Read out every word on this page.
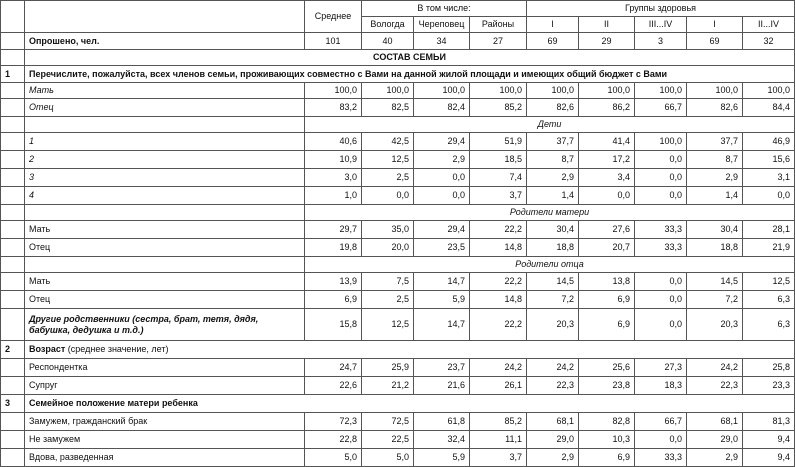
		Среднее	В том числе:			Группы здоровья				
			Вологда	Череповец	Районы	I	II	III...IV	I	II...IV
	Опрошено, чел.	101	40	34	27	69	29	3	69	32
	СОСТАВ СЕМЬИ									
1	Перечислите, пожалуйста, всех членов семьи, проживающих совместно с Вами на данной жилой площади и имеющих общий бюджет с Вами									
	Мать	100,0	100,0	100,0	100,0	100,0	100,0	100,0	100,0	100,0
	Отец	83,2	82,5	82,4	85,2	82,6	86,2	66,7	82,6	84,4
		Дети								
	1	40,6	42,5	29,4	51,9	37,7	41,4	100,0	37,7	46,9
	2	10,9	12,5	2,9	18,5	8,7	17,2	0,0	8,7	15,6
	3	3,0	2,5	0,0	7,4	2,9	3,4	0,0	2,9	3,1
	4	1,0	0,0	0,0	3,7	1,4	0,0	0,0	1,4	0,0
		Родители матери								
	Мать	29,7	35,0	29,4	22,2	30,4	27,6	33,3	30,4	28,1
	Отец	19,8	20,0	23,5	14,8	18,8	20,7	33,3	18,8	21,9
		Родители отца								
	Мать	13,9	7,5	14,7	22,2	14,5	13,8	0,0	14,5	12,5
	Отец	6,9	2,5	5,9	14,8	7,2	6,9	0,0	7,2	6,3
	Другие родственники (сестра, брат, тетя, дядя, бабушка, дедушка и т.д.)	15,8	12,5	14,7	22,2	20,3	6,9	0,0	20,3	6,3
2	Возраст (среднее значение, лет)									
	Респондентка	24,7	25,9	23,7	24,2	24,2	25,6	27,3	24,2	25,8
	Супруг	22,6	21,2	21,6	26,1	22,3	23,8	18,3	22,3	23,3
3	Семейное положение матери ребенка									
	Замужем, гражданский брак	72,3	72,5	61,8	85,2	68,1	82,8	66,7	68,1	81,3
	Не замужем	22,8	22,5	32,4	11,1	29,0	10,3	0,0	29,0	9,4
	Вдова, разведенная	5,0	5,0	5,9	3,7	2,9	6,9	33,3	2,9	9,4
